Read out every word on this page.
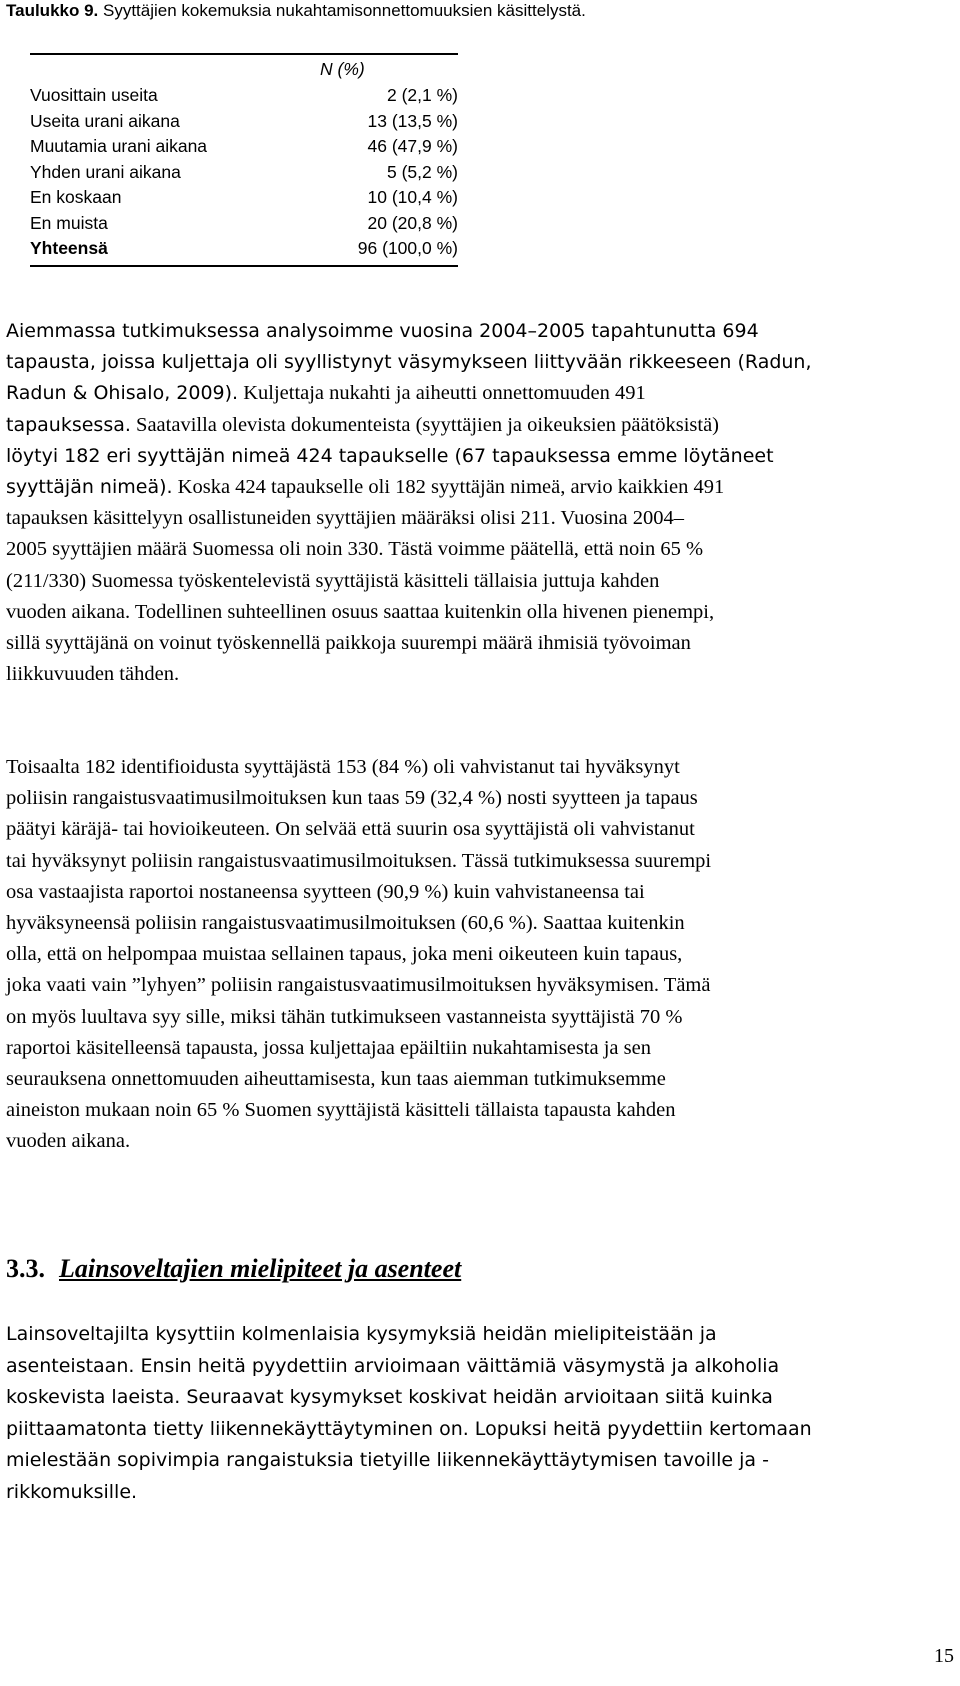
Taulukko 9. Syyttäjien kokemuksia nukahtamisonnettomuuksien käsittelystä.
N (%)
Vuosittain useita	2 (2,1 %)
Useita urani aikana	13 (13,5 %)
Muutamia urani aikana	46 (47,9 %)
Yhden urani aikana	5 (5,2 %)
En koskaan	10 (10,4 %)
En muista	20 (20,8 %)
Yhteensä	96 (100,0 %)

Aiemmassa tutkimuksessa analysoimme vuosina 2004–2005 tapahtunutta 694
tapausta, joissa kuljettaja oli syyllistynyt väsymykseen liittyvään rikkeeseen (Radun,
Radun & Ohisalo, 2009). Kuljettaja nukahti ja aiheutti onnettomuuden 491
tapauksessa. Saatavilla olevista dokumenteista (syyttäjien ja oikeuksien päätöksistä)
löytyi 182 eri syyttäjän nimeä 424 tapaukselle (67 tapauksessa emme löytäneet
syyttäjän nimeä). Koska 424 tapaukselle oli 182 syyttäjän nimeä, arvio kaikkien 491
tapauksen käsittelyyn osallistuneiden syyttäjien määräksi olisi 211. Vuosina 2004–
2005 syyttäjien määrä Suomessa oli noin 330. Tästä voimme päätellä, että noin 65 %
(211/330) Suomessa työskentelevistä syyttäjistä käsitteli tällaisia juttuja kahden
vuoden aikana. Todellinen suhteellinen osuus saattaa kuitenkin olla hivenen pienempi,
sillä syyttäjänä on voinut työskennellä paikkoja suurempi määrä ihmisiä työvoiman
liikkuvuuden tähden.

Toisaalta 182 identifioidusta syyttäjästä 153 (84 %) oli vahvistanut tai hyväksynyt
poliisin rangaistusvaatimusilmoituksen kun taas 59 (32,4 %) nosti syytteen ja tapaus
päätyi käräjä- tai hovioikeuteen. On selvää että suurin osa syyttäjistä oli vahvistanut
tai hyväksynyt poliisin rangaistusvaatimusilmoituksen. Tässä tutkimuksessa suurempi
osa vastaajista raportoi nostaneensa syytteen (90,9 %) kuin vahvistaneensa tai
hyväksyneensä poliisin rangaistusvaatimusilmoituksen (60,6 %). Saattaa kuitenkin
olla, että on helpompaa muistaa sellainen tapaus, joka meni oikeuteen kuin tapaus,
joka vaati vain ”lyhyen” poliisin rangaistusvaatimusilmoituksen hyväksymisen. Tämä
on myös luultava syy sille, miksi tähän tutkimukseen vastanneista syyttäjistä 70 %
raportoi käsitelleensä tapausta, jossa kuljettajaa epäiltiin nukahtamisesta ja sen
seurauksena onnettomuuden aiheuttamisesta, kun taas aiemman tutkimuksemme
aineiston mukaan noin 65 % Suomen syyttäjistä käsitteli tällaista tapausta kahden
vuoden aikana.

3.3. Lainsoveltajien mielipiteet ja asenteet

Lainsoveltajilta kysyttiin kolmenlaisia kysymyksiä heidän mielipiteistään ja
asenteistaan. Ensin heitä pyydettiin arvioimaan väittämiä väsymystä ja alkoholia
koskevista laeista. Seuraavat kysymykset koskivat heidän arvioitaan siitä kuinka
piittaamatonta tietty liikennekäyttäytyminen on. Lopuksi heitä pyydettiin kertomaan
mielestään sopivimpia rangaistuksia tietyille liikennekäyttäytymisen tavoille ja -
rikkomuksille.

15
